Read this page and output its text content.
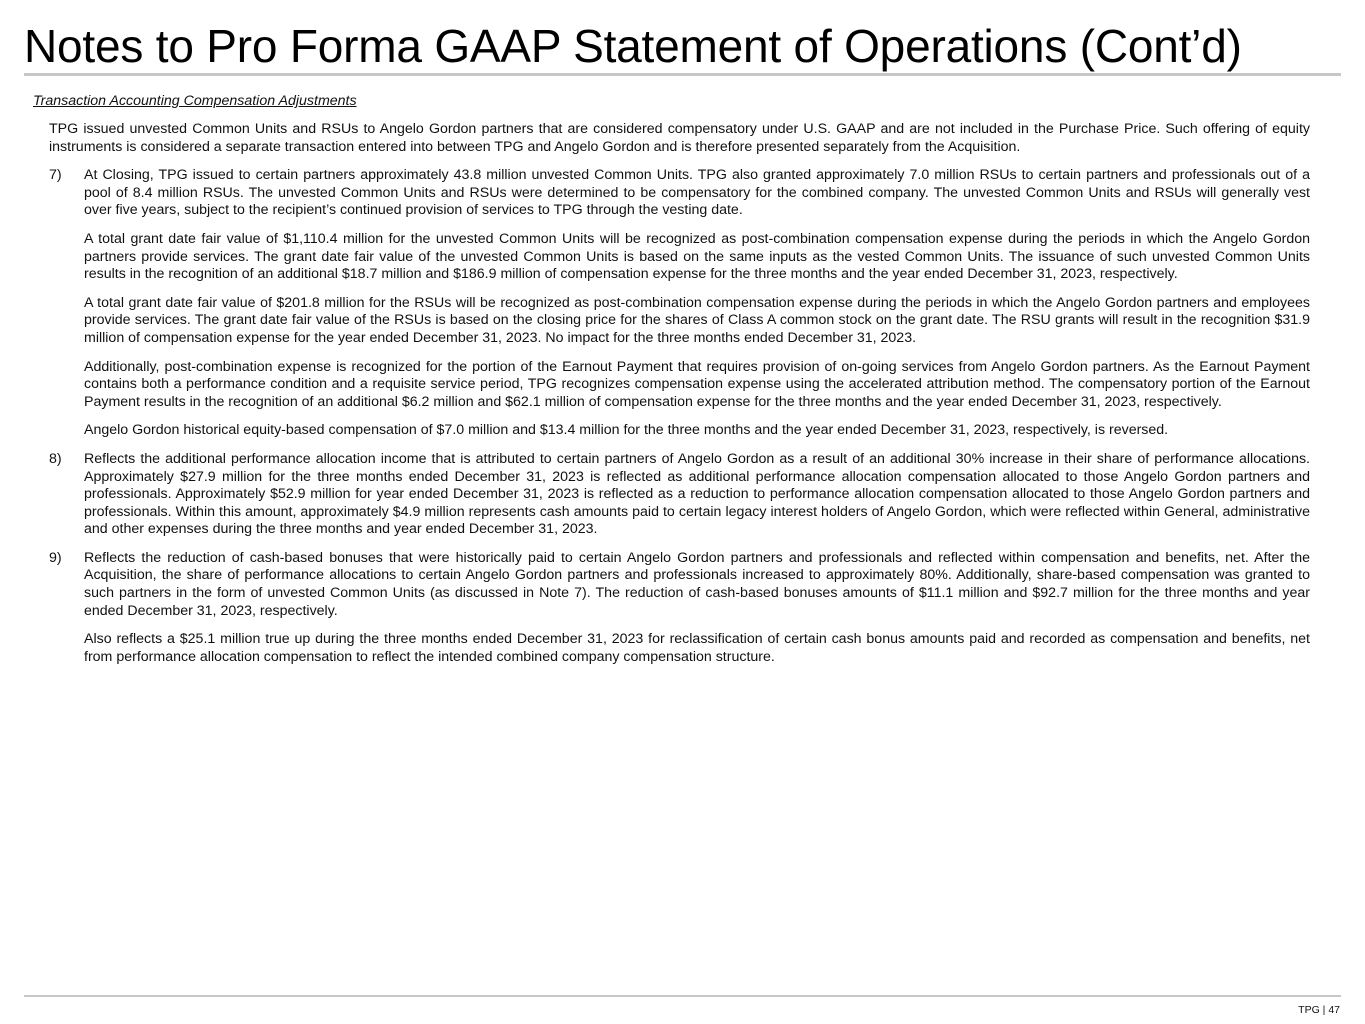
Notes to Pro Forma GAAP Statement of Operations (Cont’d)

Transaction Accounting Compensation Adjustments

TPG issued unvested Common Units and RSUs to Angelo Gordon partners that are considered compensatory under U.S. GAAP and are not included in the Purchase Price. Such offering of equity instruments is considered a separate transaction entered into between TPG and Angelo Gordon and is therefore presented separately from the Acquisition.

7)	At Closing, TPG issued to certain partners approximately 43.8 million unvested Common Units. TPG also granted approximately 7.0 million RSUs to certain partners and professionals out of a pool of 8.4 million RSUs. The unvested Common Units and RSUs were determined to be compensatory for the combined company. The unvested Common Units and RSUs will generally vest over five years, subject to the recipient’s continued provision of services to TPG through the vesting date.

A total grant date fair value of $1,110.4 million for the unvested Common Units will be recognized as post-combination compensation expense during the periods in which the Angelo Gordon partners provide services. The grant date fair value of the unvested Common Units is based on the same inputs as the vested Common Units. The issuance of such unvested Common Units results in the recognition of an additional $18.7 million and $186.9 million of compensation expense for the three months and the year ended December 31, 2023, respectively.

A total grant date fair value of $201.8 million for the RSUs will be recognized as post-combination compensation expense during the periods in which the Angelo Gordon partners and employees provide services. The grant date fair value of the RSUs is based on the closing price for the shares of Class A common stock on the grant date. The RSU grants will result in the recognition $31.9 million of compensation expense for the year ended December 31, 2023. No impact for the three months ended December 31, 2023.

Additionally, post-combination expense is recognized for the portion of the Earnout Payment that requires provision of on-going services from Angelo Gordon partners. As the Earnout Payment contains both a performance condition and a requisite service period, TPG recognizes compensation expense using the accelerated attribution method. The compensatory portion of the Earnout Payment results in the recognition of an additional $6.2 million and $62.1 million of compensation expense for the three months and the year ended December 31, 2023, respectively.

Angelo Gordon historical equity-based compensation of $7.0 million and $13.4 million for the three months and the year ended December 31, 2023, respectively, is reversed.

8)	Reflects the additional performance allocation income that is attributed to certain partners of Angelo Gordon as a result of an additional 30% increase in their share of performance allocations. Approximately $27.9 million for the three months ended December 31, 2023 is reflected as additional performance allocation compensation allocated to those Angelo Gordon partners and professionals. Approximately $52.9 million for year ended December 31, 2023 is reflected as a reduction to performance allocation compensation allocated to those Angelo Gordon partners and professionals. Within this amount, approximately $4.9 million represents cash amounts paid to certain legacy interest holders of Angelo Gordon, which were reflected within General, administrative and other expenses during the three months and year ended December 31, 2023.
9)	Reflects the reduction of cash-based bonuses that were historically paid to certain Angelo Gordon partners and professionals and reflected within compensation and benefits, net. After the Acquisition, the share of performance allocations to certain Angelo Gordon partners and professionals increased to approximately 80%. Additionally, share-based compensation was granted to such partners in the form of unvested Common Units (as discussed in Note 7). The reduction of cash-based bonuses amounts of $11.1 million and $92.7 million for the three months and year ended December 31, 2023, respectively.

Also reflects a $25.1 million true up during the three months ended December 31, 2023 for reclassification of certain cash bonus amounts paid and recorded as compensation and benefits, net from performance allocation compensation to reflect the intended combined company compensation structure.

TPG | 47
